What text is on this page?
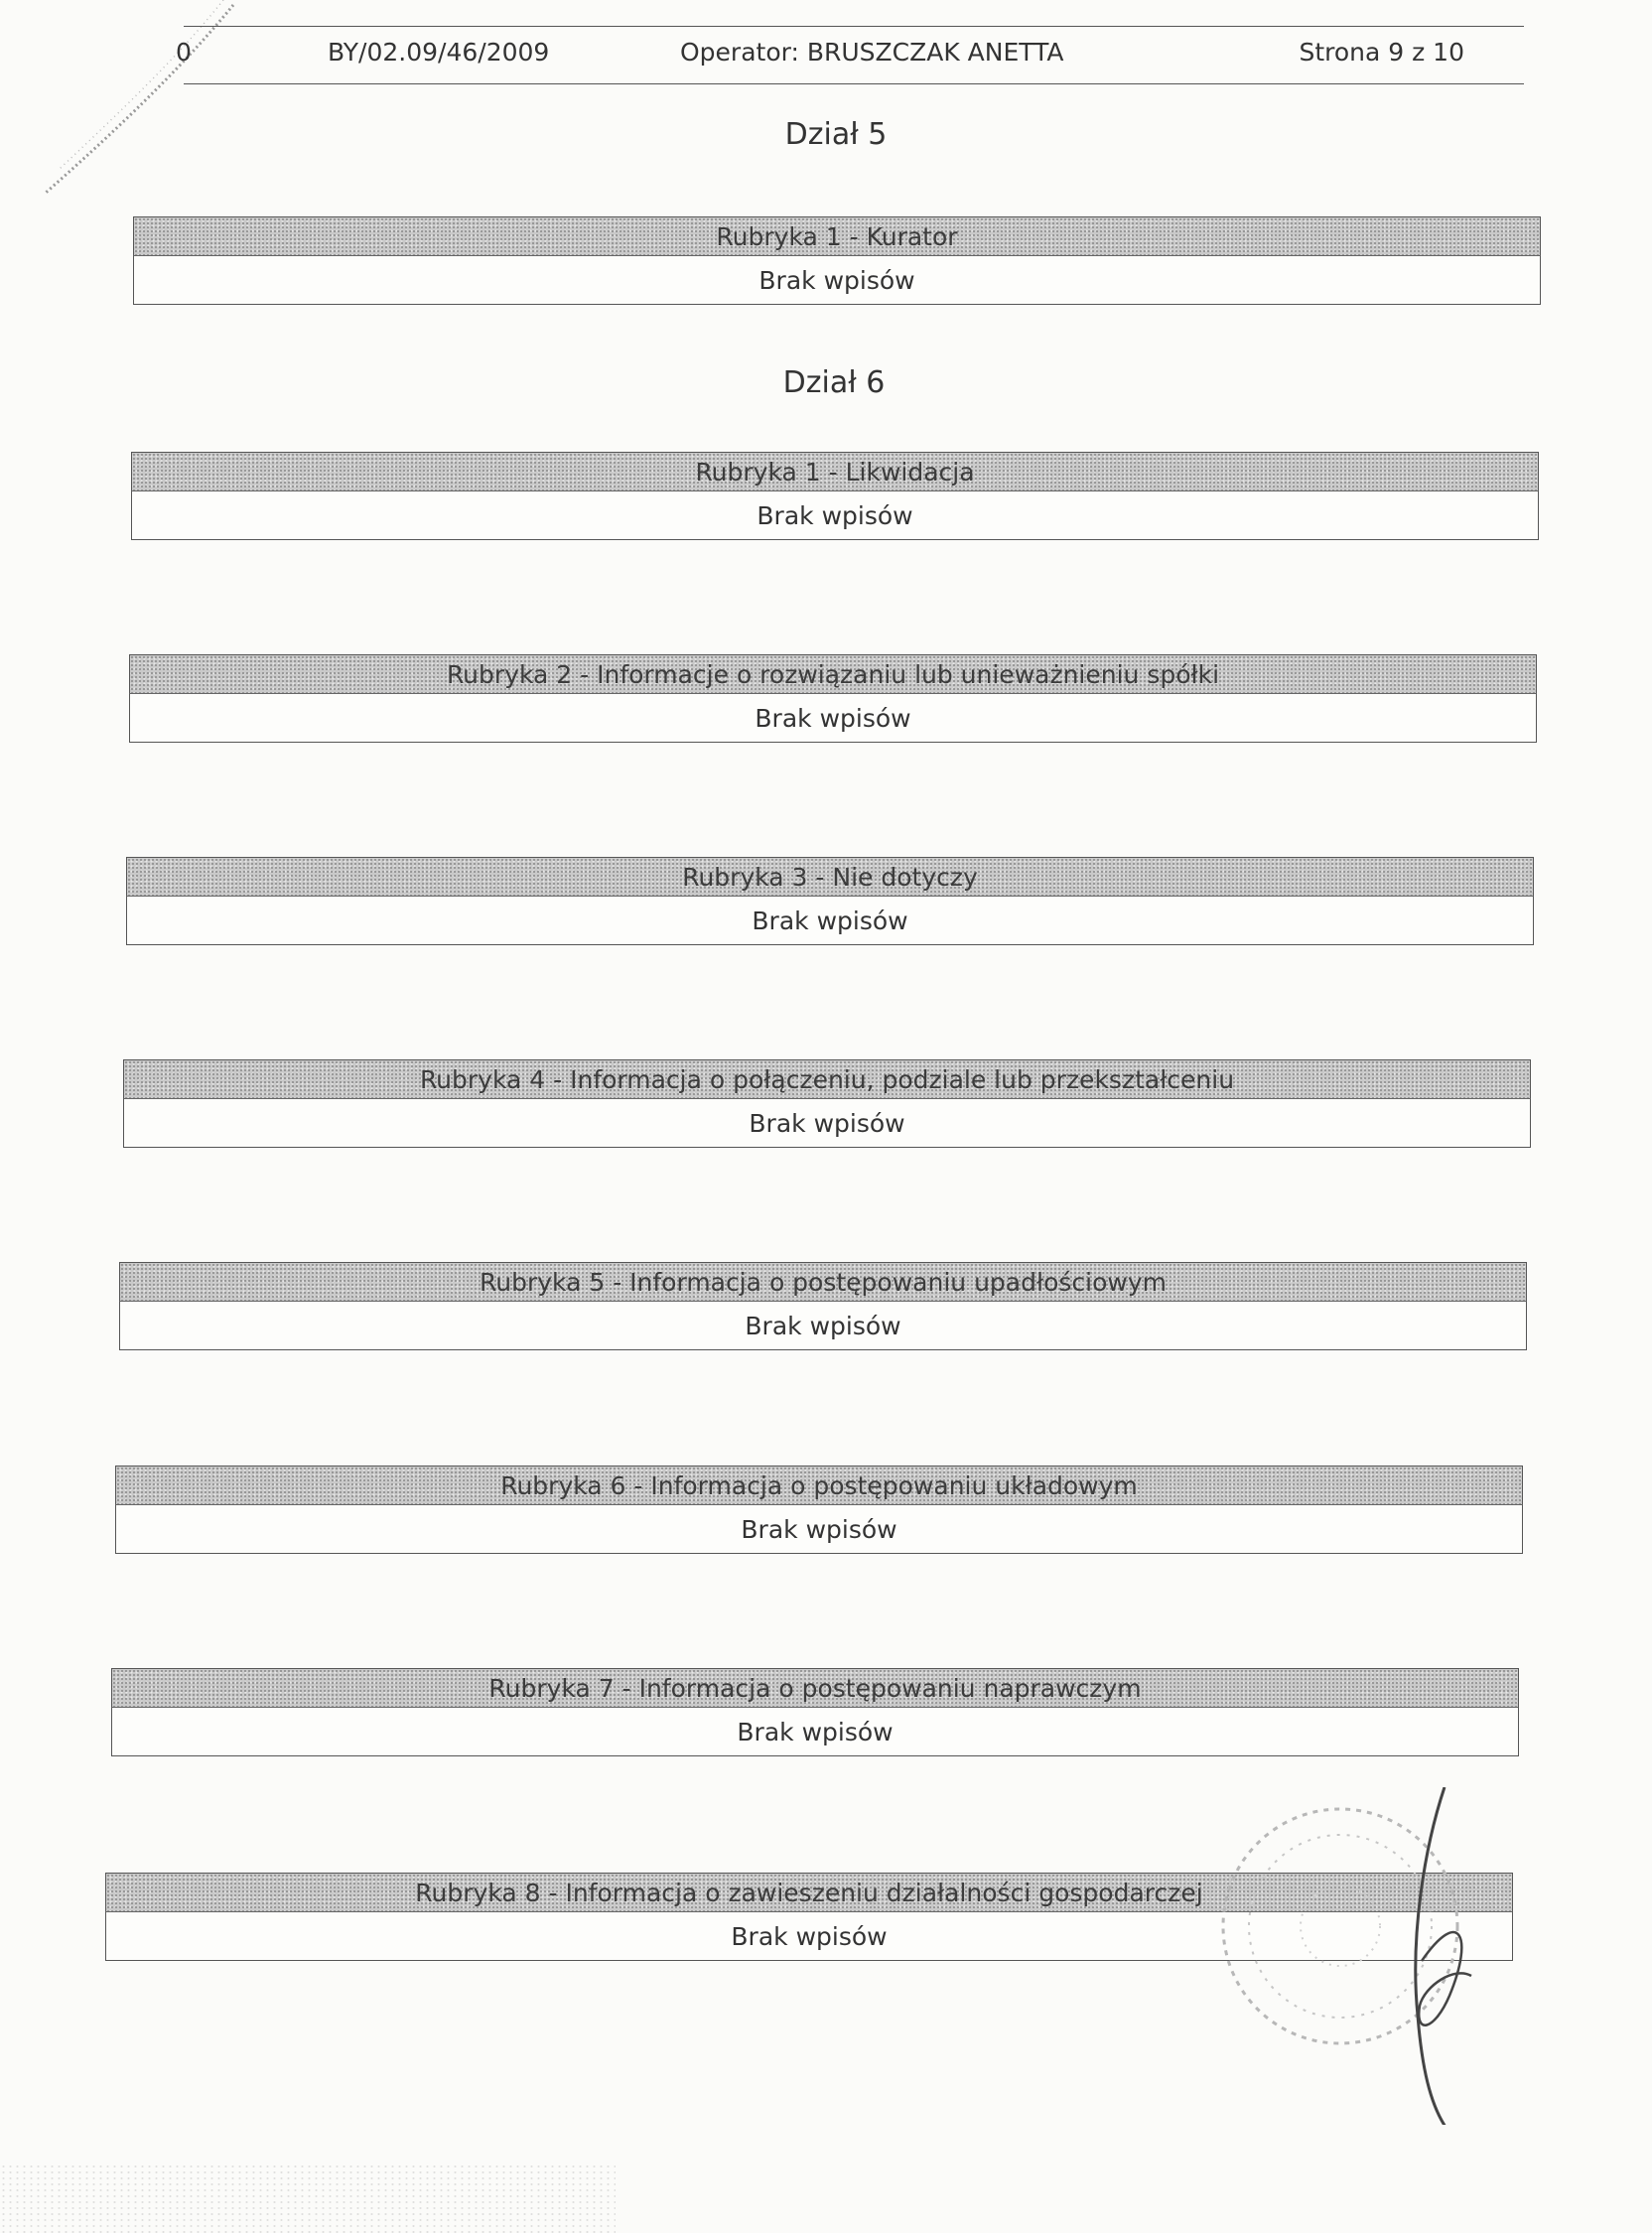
0	BY/02.09/46/2009	Operator: BRUSZCZAK ANETTA	Strona 9 z 10
Dział 5
Rubryka 1 - Kurator
Brak wpisów
Dział 6
Rubryka 1 - Likwidacja
Brak wpisów
Rubryka 2 - Informacje o rozwiązaniu lub unieważnieniu spółki
Brak wpisów
Rubryka 3 - Nie dotyczy
Brak wpisów
Rubryka 4 - Informacja o połączeniu, podziale lub przekształceniu
Brak wpisów
Rubryka 5 - Informacja o postępowaniu upadłościowym
Brak wpisów
Rubryka 6 - Informacja o postępowaniu układowym
Brak wpisów
Rubryka 7 - Informacja o postępowaniu naprawczym
Brak wpisów
Rubryka 8 - Informacja o zawieszeniu działalności gospodarczej
Brak wpisów
